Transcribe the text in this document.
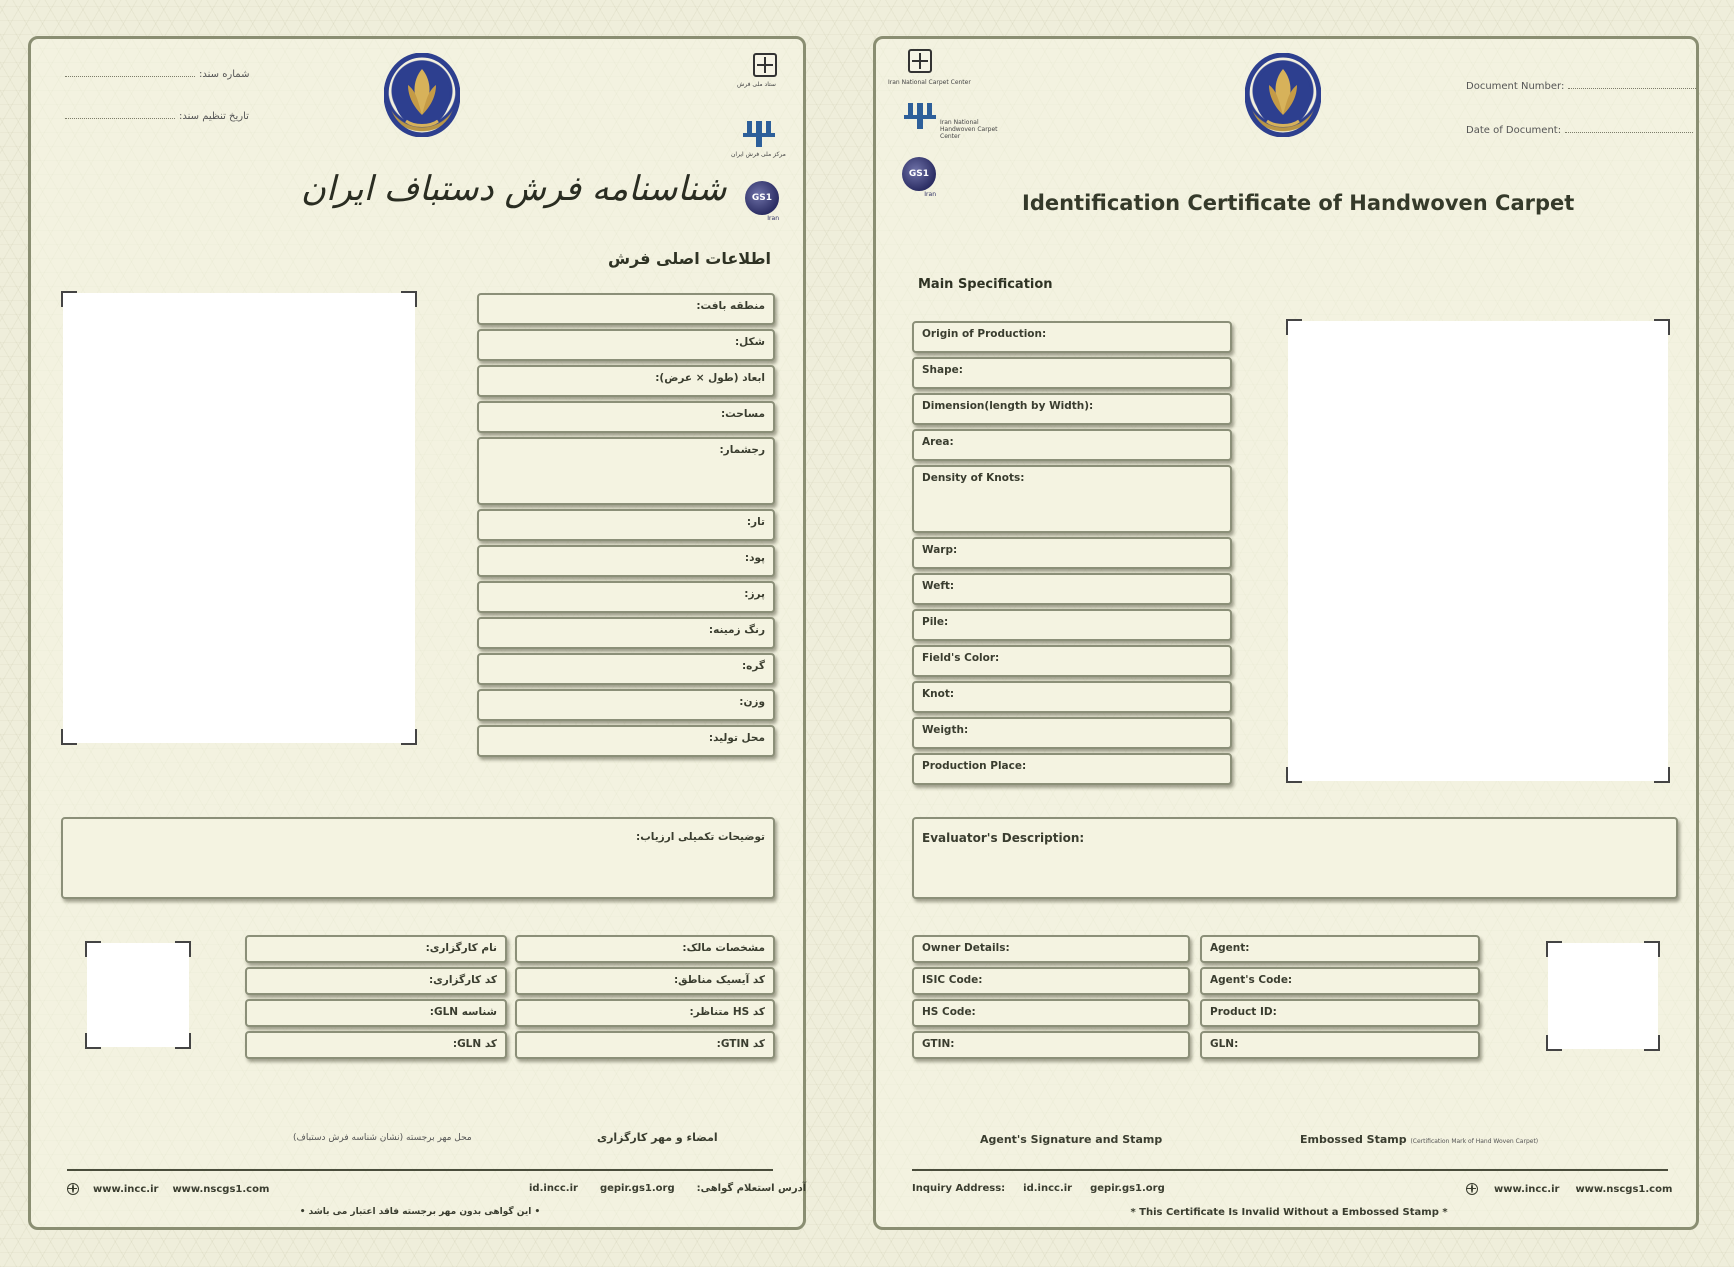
شماره سند:
تاریخ تنظیم سند:
ستاد ملی فرش
مرکز ملی فرش ایران
GS1
Iran
شناسنامه فرش دستباف ایران
اطلاعات اصلی فرش
منطقه بافت:
شکل:
ابعاد (طول × عرض):
مساحت:
رجشمار:
تار:
پود:
پرز:
رنگ زمینه:
گره:
وزن:
محل تولید:
توضیحات تکمیلی ارزیاب:
مشخصات مالک:
کد آیسیک مناطق:
کد HS متناظر:
کد GTIN:
نام کارگزاری:
کد کارگزاری:
شناسه GLN:
کد GLN:
امضاء و مهر کارگزاری
محل مهر برجسته (نشان شناسه فرش دستباف)
www.incc.ir www.nscgs1.com	id.incc.ir gepir.gs1.org آدرس استعلام گواهی:
• این گواهی بدون مهر برجسته فاقد اعتبار می باشد •
Iran National Carpet Center
Iran National Handwoven Carpet Center
GS1
Iran
Document Number:
Date of Document:
Identification Certificate of Handwoven Carpet
Main Specification
Origin of Production:
Shape:
Dimension(length by Width):
Area:
Density of Knots:
Warp:
Weft:
Pile:
Field's Color:
Knot:
Weigth:
Production Place:
Evaluator's Description:
Owner Details:
ISIC Code:
HS Code:
GTIN:
Agent:
Agent's Code:
Product ID:
GLN:
Agent's Signature and Stamp	Embossed Stamp (Certification Mark of Hand Woven Carpet)
Inquiry Address: id.incc.ir gepir.gs1.org	www.incc.ir www.nscgs1.com
* This Certificate Is Invalid Without a Embossed Stamp *
